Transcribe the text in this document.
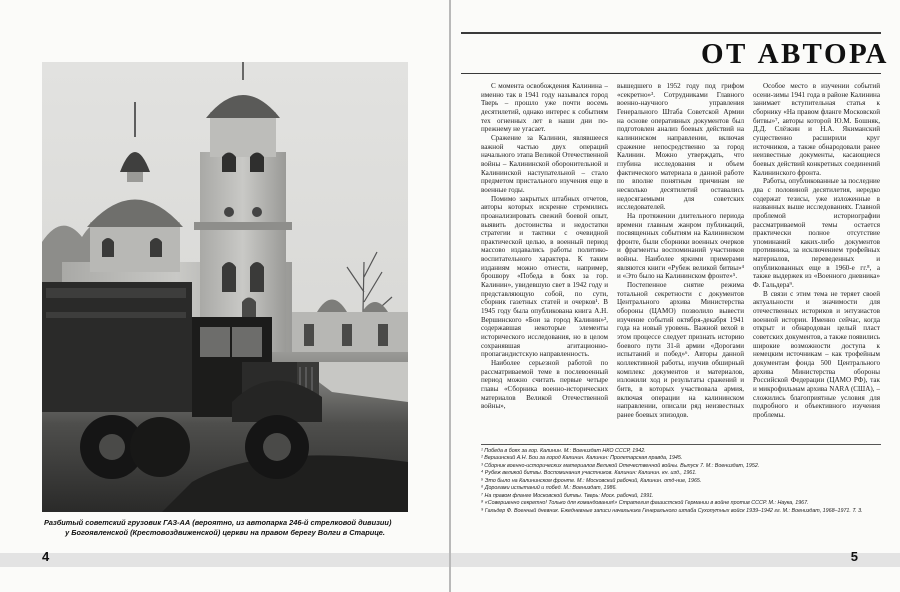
Разбитый советский грузовик ГАЗ-АА (вероятно, из автопарка 246-й стрелковой дивизии)
у Богоявленской (Крестовоздвиженской) церкви на правом берегу Волги в Старице.
4
ОТ АВТОРА

С момента освобождения Калинина – именно так в 1941 году назывался город Тверь – прошло уже почти восемь десятилетий, однако интерес к событиям тех огненных лет в наши дни по-прежнему не угасает.

Сражение за Калинин, являвшееся важной частью двух операций начального этапа Великой Отечественной войны – Калининской оборонительной и Калининской наступательной – стало предметом пристального изучения еще в военные годы.

Помимо закрытых штабных отчетов, авторы которых искренне стремились проанализировать свежий боевой опыт, выявить достоинства и недостатки стратегии и тактики с очевидной практической целью, в военный период массово издавались работы политико-воспитательного характера. К таким изданиям можно отнести, например, брошюру «Победа в боях за гор. Калинин», увидевшую свет в 1942 году и представляющую собой, по сути, сборник газетных статей и очерков¹. В 1945 году была опубликована книга А.Н. Вершинского «Бои за город Калинин»², содержавшая некоторые элементы исторического исследования, но в целом сохранявшая агитационно-пропагандистскую направленность.

Наиболее серьезной работой по рассматриваемой теме в послевоенный период можно считать первые четыре главы «Сборника военно-исторических материалов Великой Отечественной войны»,

вышедшего в 1952 году под грифом «секретно»³. Сотрудниками Главного военно-научного управления Генерального Штаба Советской Армии на основе оперативных документов был подготовлен анализ боевых действий на калининском направлении, включая сражение непосредственно за город Калинин. Можно утверждать, что глубина исследования и объем фактического материала в данной работе по вполне понятным причинам не несколько десятилетий оставались недосягаемыми для советских исследователей.

На протяжении длительного периода времени главным жанром публикаций, посвященных событиям на Калининском фронте, были сборники военных очерков и фрагменты воспоминаний участников войны. Наиболее яркими примерами являются книги «Рубеж великой битвы»⁴ и «Это было на Калининском фронте»⁵.

Постепенное снятие режима тотальной секретности с документов Центрального архива Министерства обороны (ЦАМО) позволило вывести изучение событий октября-декабря 1941 года на новый уровень. Важной вехой в этом процессе следует признать историю боевого пути 31-й армии «Дорогами испытаний и побед»⁶. Авторы данной коллективной работы, изучив обширный комплекс документов и материалов, изложили ход и результаты сражений и битв, в которых участвовала армия, включая операции на калининском направлении, описали ряд неизвестных ранее боевых эпизодов.

Особое место в изучении событий осени-зимы 1941 года в районе Калинина занимает вступительная статья к сборнику «На правом фланге Московской битвы»⁷, авторы которой Ю.М. Бошняк, Д.Д. Слёзкин и Н.А. Якиманский существенно расширили круг источников, а также обнародовали ранее неизвестные документы, касающиеся боевых действий конкретных соединений Калининского фронта.

Работы, опубликованные за последние два с половиной десятилетия, нередко содержат тезисы, уже изложенные в названных выше исследованиях. Главной проблемой историографии рассматриваемой темы остается практически полное отсутствие упоминаний каких-либо документов противника, за исключением трофейных материалов, переведенных и опубликованных еще в 1960-е гг.⁸, а также выдержек из «Военного дневника» Ф. Гальдера⁹.

В связи с этим тема не теряет своей актуальности и значимости для отечественных историков и энтузиастов военной истории. Именно сейчас, когда открыт и обнародован целый пласт советских документов, а также появились широкие возможности доступа к немецким источникам – как трофейным документам фонда 500 Центрального архива Министерства обороны Российской Федерации (ЦАМО РФ), так и микрофильмам архива NARA (США), – сложились благоприятные условия для подробного и объективного изучения проблемы.

¹ Победа в боях за гор. Калинин. М.: Воениздат НКО СССР, 1942.
² Вершинский А.Н. Бои за город Калинин. Калинин: Пролетарская правда, 1945.
³ Сборник военно-исторических материалов Великой Отечественной войны. Выпуск 7. М.: Воениздат, 1952.
⁴ Рубеж великой битвы. Воспоминания участников. Калинин: Калинин. кн. изд., 1961.
⁵ Это было на Калининском фронте. М.: Московский рабочий, Калинин. отд-ние, 1965.
⁶ Дорогами испытаний и побед. М.: Воениздат, 1986.
⁷ На правом фланге Московской битвы. Тверь: Моск. рабочий, 1991.
⁸ «Совершенно секретно! Только для командования!» Стратегия фашистской Германии в войне против СССР. М.: Наука, 1967.
⁹ Гальдер Ф. Военный дневник. Ежедневные записи начальника Генерального штаба Сухопутных войск 1939–1942 гг. М.: Воениздат, 1968–1971. Т. 3.
5
